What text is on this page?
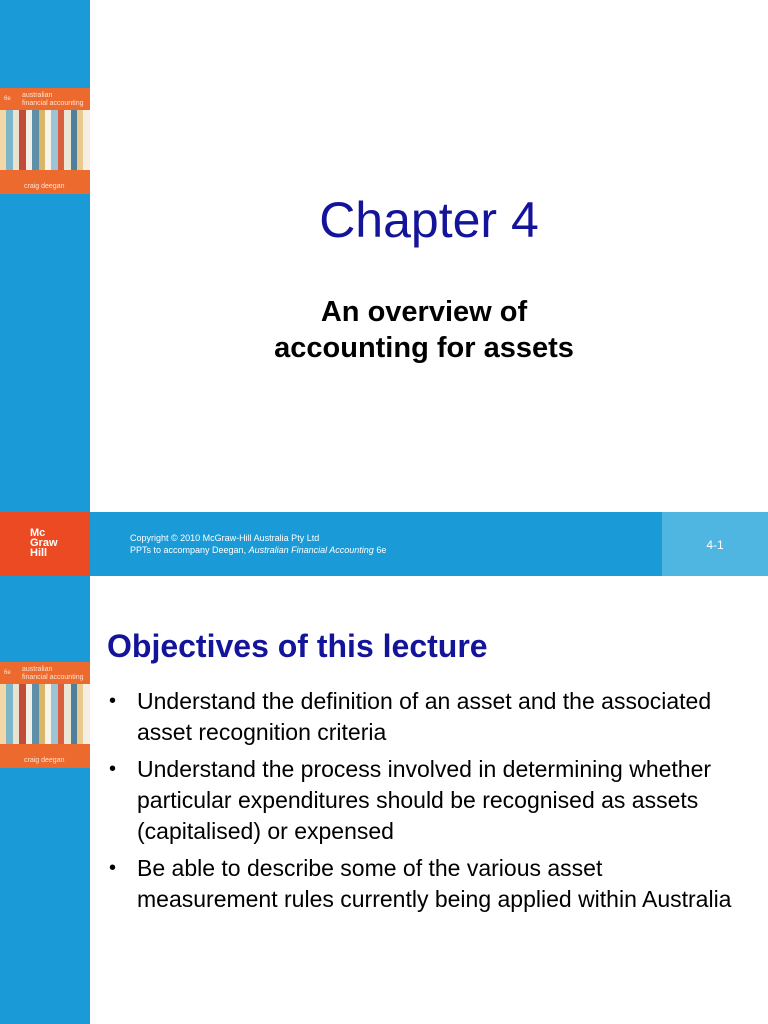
6e australian
financial accounting
craig deegan
Chapter 4
An overview of
accounting for assets
Mc
Graw
Hill
Copyright © 2010 McGraw-Hill Australia Pty Ltd
PPTs to accompany Deegan, Australian Financial Accounting 6e	4-1
6e australian
financial accounting
craig deegan
Objectives of this lecture
• Understand the definition of an asset and the associated asset recognition criteria
• Understand the process involved in determining whether particular expenditures should be recognised as assets (capitalised) or expensed
• Be able to describe some of the various asset measurement rules currently being applied within Australia
